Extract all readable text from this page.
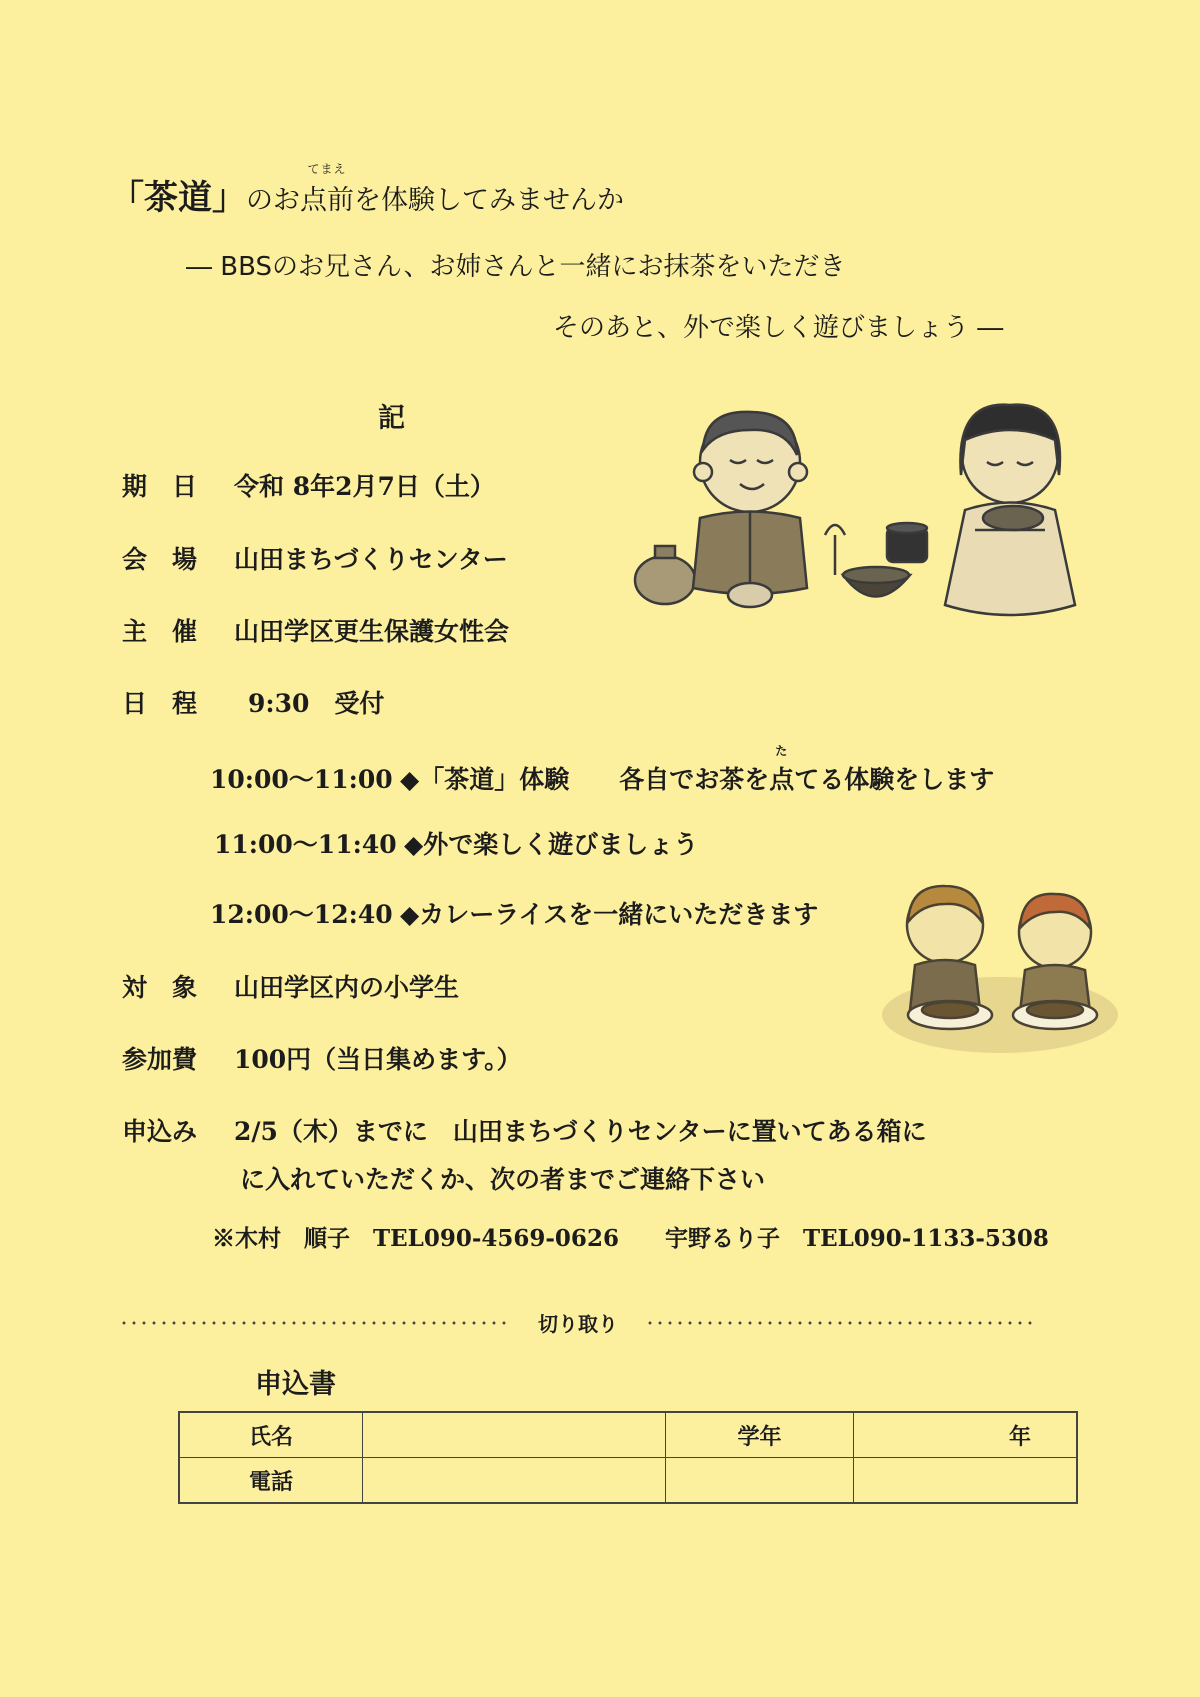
「茶道」のお
てまえ
点前を体験してみませんか
― BBSのお兄さん、お姉さんと一緒にお抹茶をいただき
そのあと、外で楽しく遊びましょう ―
記
期　日 令和 8年2月7日（土）
会　場 山田まちづくりセンター
主　催 山田学区更生保護女性会
日　程 9:30　受付
10:00～11:00 ◆「茶道」体験　　各自でお茶を
た
点てる体験をします
11:00～11:40 ◆外で楽しく遊びましょう
12:00～12:40 ◆カレーライスを一緒にいただきます
対　象 山田学区内の小学生
参加費 100円（当日集めます。）
申込み 2/5（木）までに　山田まちづくりセンターに置いてある箱に
に入れていただくか、次の者までご連絡下さい
※木村　順子　TEL090-4569-0626　　宇野るり子　TEL090-1133-5308
･･･････････････････････････････････････ 切り取り ･･･････････････････････････････････････
申込書
氏名		学年	年
電話			
